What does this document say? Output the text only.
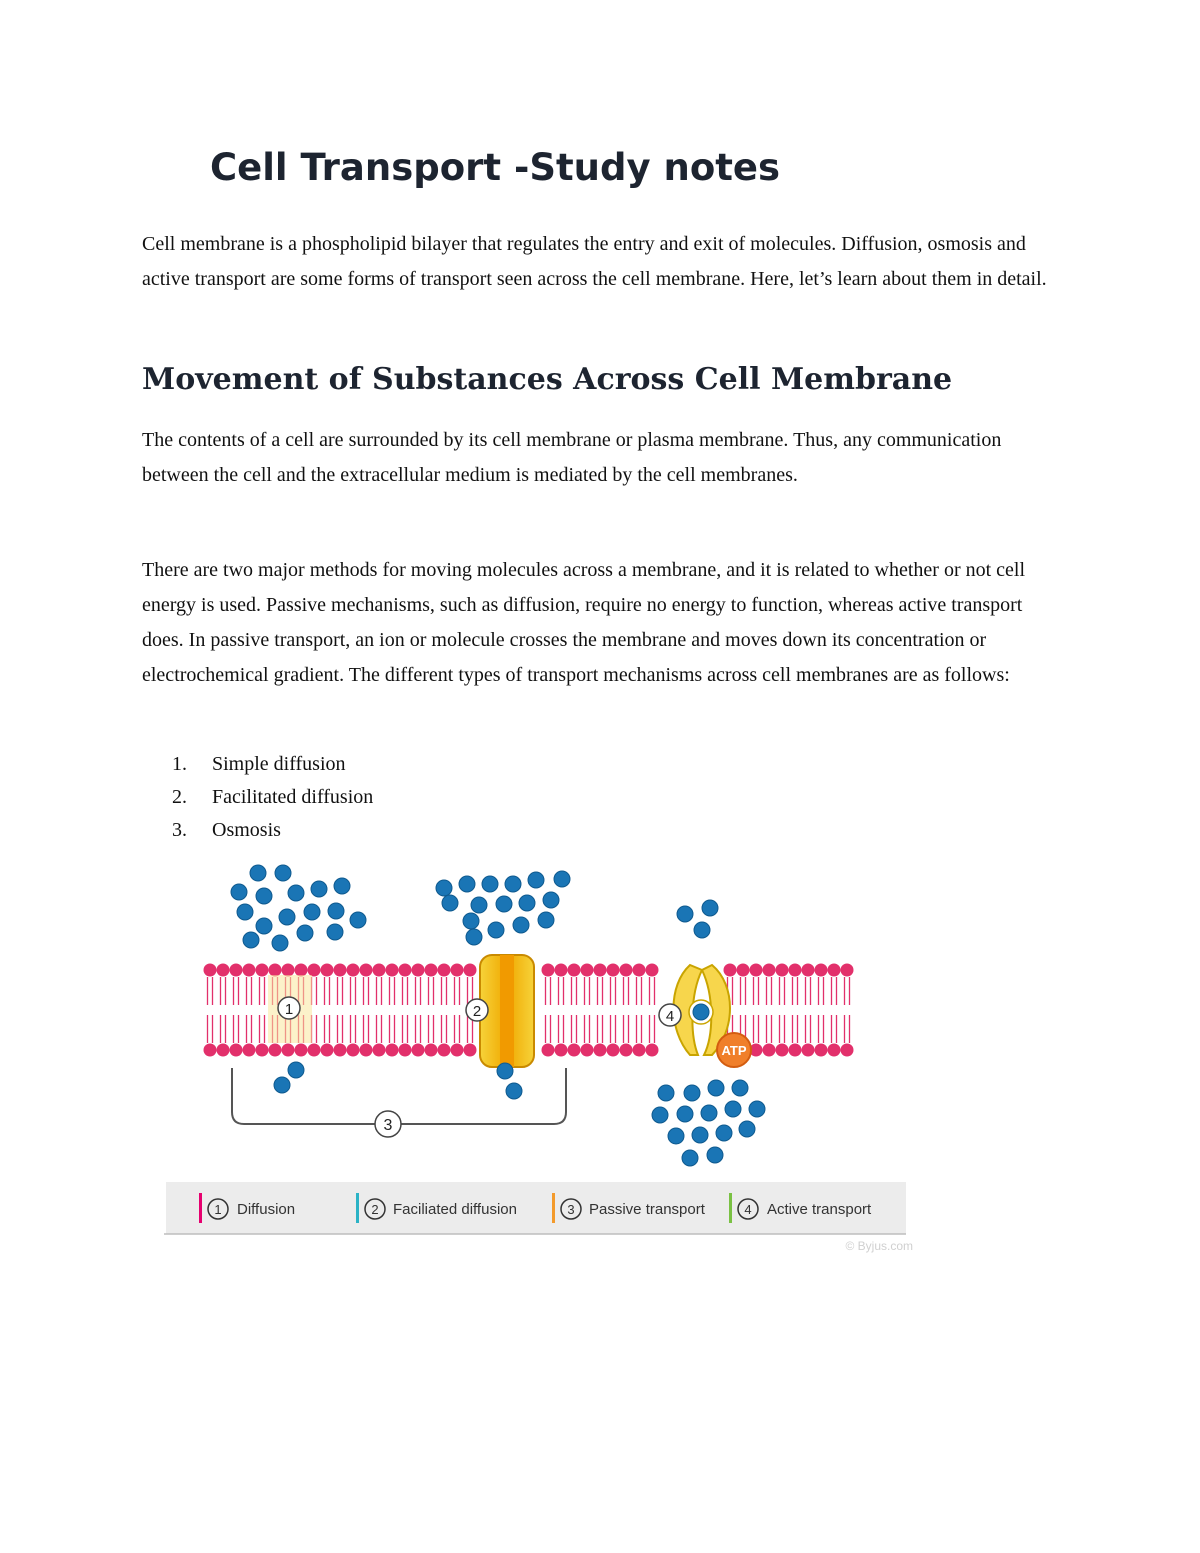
Cell Transport -Study notes

Cell membrane is a phospholipid bilayer that regulates the entry and exit of molecules. Diffusion, osmosis and active transport are some forms of transport seen across the cell membrane. Here, let’s learn about them in detail.

Movement of Substances Across Cell Membrane

The contents of a cell are surrounded by its cell membrane or plasma membrane. Thus, any communication between the cell and the extracellular medium is mediated by the cell membranes.

There are two major methods for moving molecules across a membrane, and it is related to whether or not cell energy is used. Passive mechanisms, such as diffusion, require no energy to function, whereas active transport does. In passive transport, an ion or molecule crosses the membrane and moves down its concentration or electrochemical gradient. The different types of transport mechanisms across cell membranes are as follows:

1.	Simple diffusion
2.	Facilitated diffusion
3.	Osmosis
ATP
1	2
3
4
1 Diffusion	2 Faciliated diffusion	3 Passive transport	4 Active transport
© Byjus.com
